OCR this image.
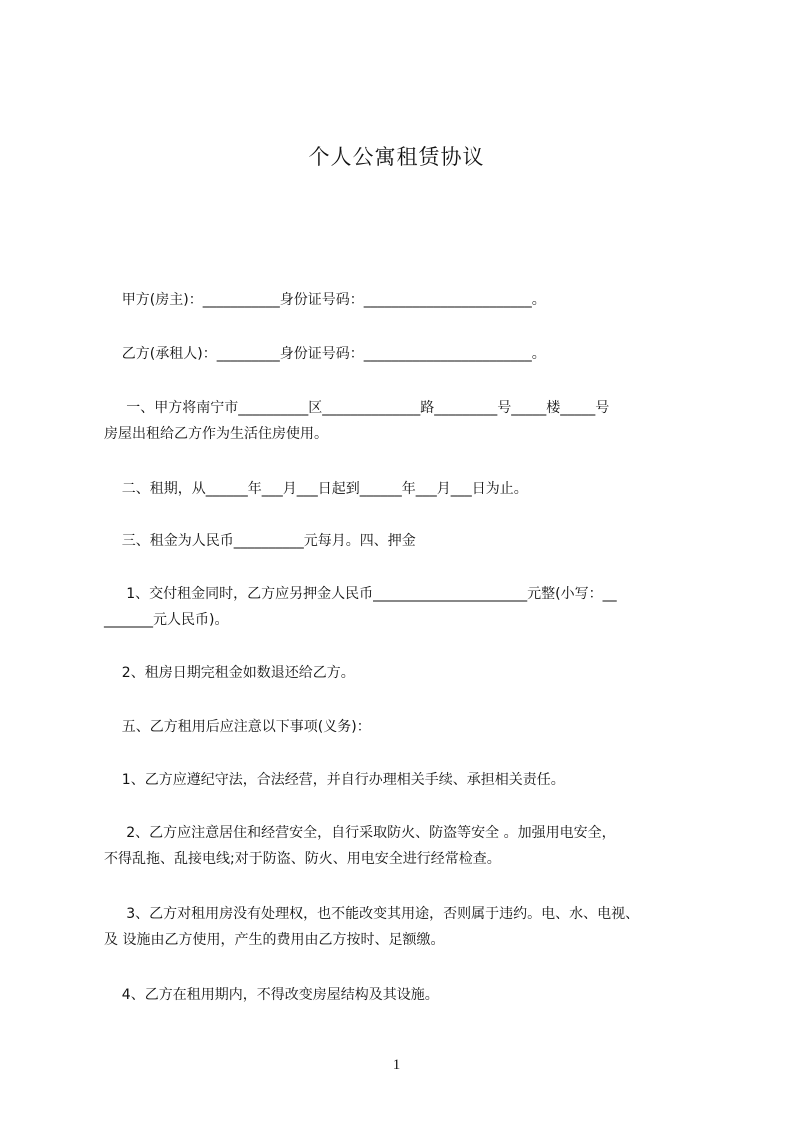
个人公寓租赁协议

甲方(房主)：___________身份证号码：________________________。

乙方(承租人)：_________身份证号码：________________________。

一、甲方将南宁市__________区______________路_________号_____楼_____号

房屋出租给乙方作为生活住房使用。

二、租期，从______年___月___日起到______年___月___日为止。

三、租金为人民币__________元每月。四、押金

1、交付租金同时，乙方应另押金人民币______________________元整(小写：__

_______元人民币)。

2、租房日期完租金如数退还给乙方。

五、乙方租用后应注意以下事项(义务)：

1、乙方应遵纪守法，合法经营，并自行办理相关手续、承担相关责任。

2、乙方应注意居住和经营安全，自行采取防火、防盗等安全 。加强用电安全，

不得乱拖、乱接电线;对于防盗、防火、用电安全进行经常检查。

3、乙方对租用房没有处理权，也不能改变其用途，否则属于违约。电、水、电视、

及 设施由乙方使用，产生的费用由乙方按时、足额缴。

4、乙方在租用期内，不得改变房屋结构及其设施。

1
